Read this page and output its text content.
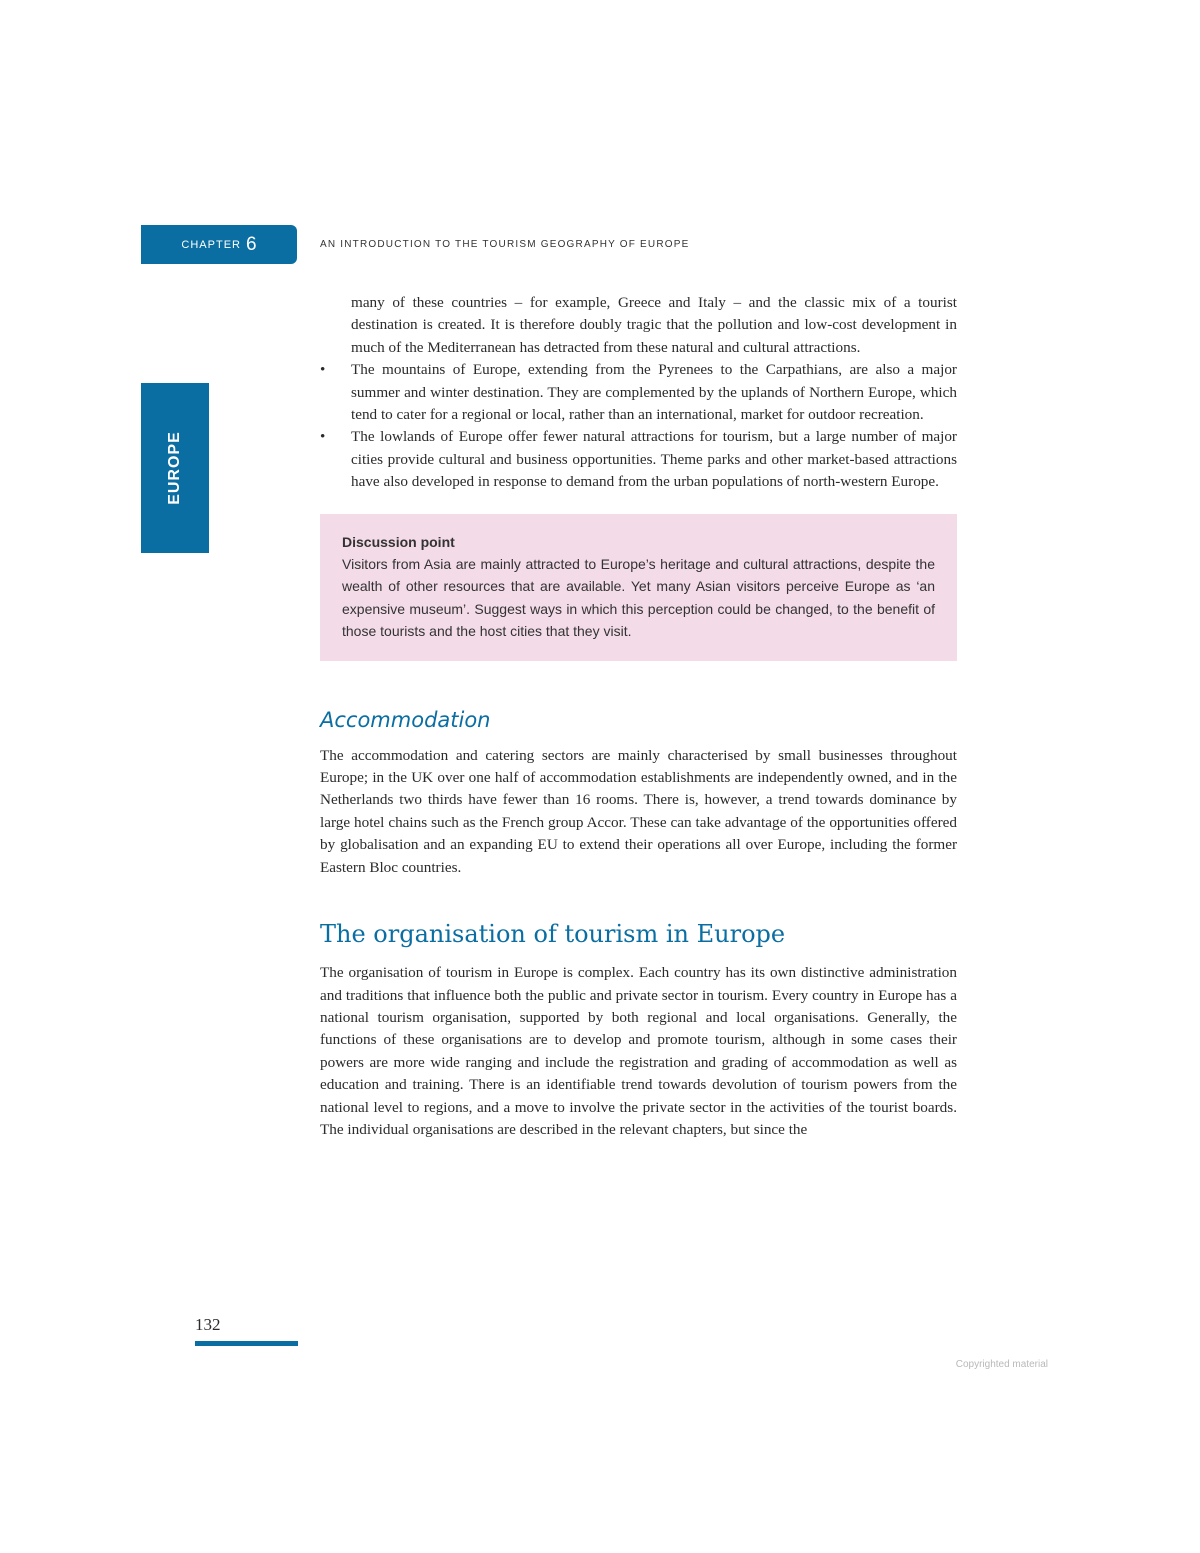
CHAPTER 6	AN INTRODUCTION TO THE TOURISM GEOGRAPHY OF EUROPE
EUROPE

many of these countries – for example, Greece and Italy – and the classic mix of a tourist destination is created. It is therefore doubly tragic that the pollution and low-cost development in much of the Mediterranean has detracted from these natural and cultural attractions.

• The mountains of Europe, extending from the Pyrenees to the Carpathians, are also a major summer and winter destination. They are complemented by the uplands of Northern Europe, which tend to cater for a regional or local, rather than an international, market for outdoor recreation.
• The lowlands of Europe offer fewer natural attractions for tourism, but a large number of major cities provide cultural and business opportunities. Theme parks and other market-based attractions have also developed in response to demand from the urban populations of north-western Europe.
Discussion point

Visitors from Asia are mainly attracted to Europe’s heritage and cultural attractions, despite the wealth of other resources that are available. Yet many Asian visitors perceive Europe as ‘an expensive museum’. Suggest ways in which this perception could be changed, to the benefit of those tourists and the host cities that they visit.

Accommodation

The accommodation and catering sectors are mainly characterised by small businesses throughout Europe; in the UK over one half of accommodation establishments are independently owned, and in the Netherlands two thirds have fewer than 16 rooms. There is, however, a trend towards dominance by large hotel chains such as the French group Accor. These can take advantage of the opportunities offered by globalisation and an expanding EU to extend their operations all over Europe, including the former Eastern Bloc countries.

The organisation of tourism in Europe

The organisation of tourism in Europe is complex. Each country has its own distinctive administration and traditions that influence both the public and private sector in tourism. Every country in Europe has a national tourism organisation, supported by both regional and local organisations. Generally, the functions of these organisations are to develop and promote tourism, although in some cases their powers are more wide ranging and include the registration and grading of accommodation as well as education and training. There is an identifiable trend towards devolution of tourism powers from the national level to regions, and a move to involve the private sector in the activities of the tourist boards. The individual organisations are described in the relevant chapters, but since the

132
Copyrighted material
